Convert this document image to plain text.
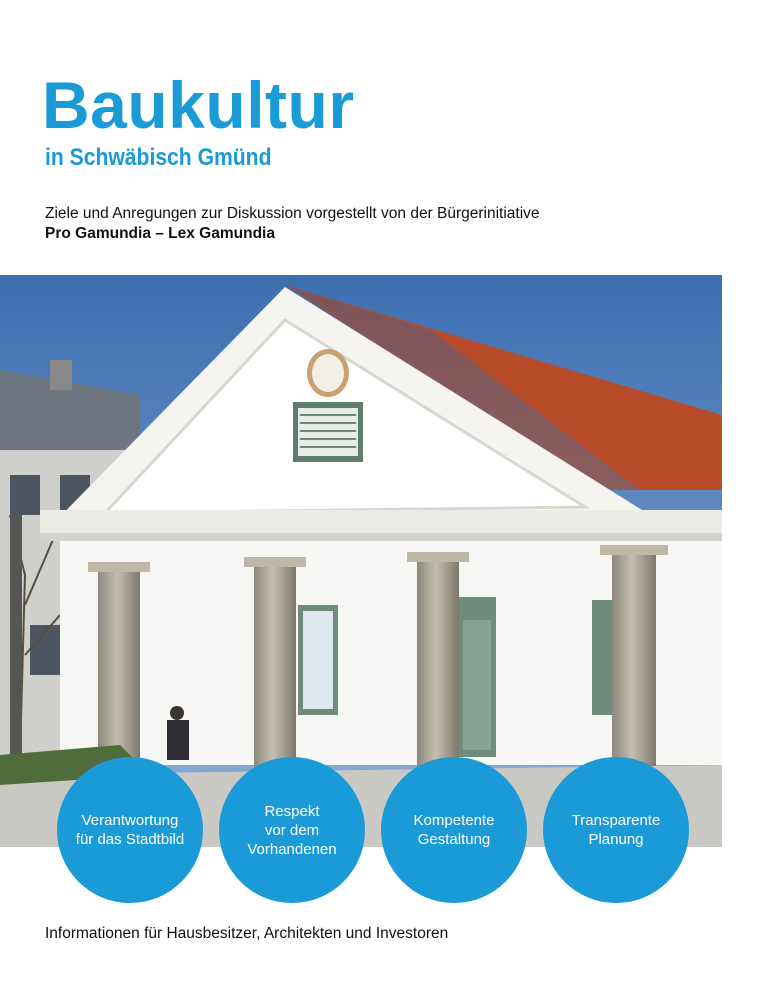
Baukultur
in Schwäbisch Gmünd
Ziele und Anregungen zur Diskussion vorgestellt von der Bürgerinitiative
Pro Gamundia – Lex Gamundia
Verantwortung
für das Stadtbild
Respekt
vor dem
Vorhandenen
Kompetente
Gestaltung
Transparente
Planung
Informationen für Hausbesitzer, Architekten und Investoren
